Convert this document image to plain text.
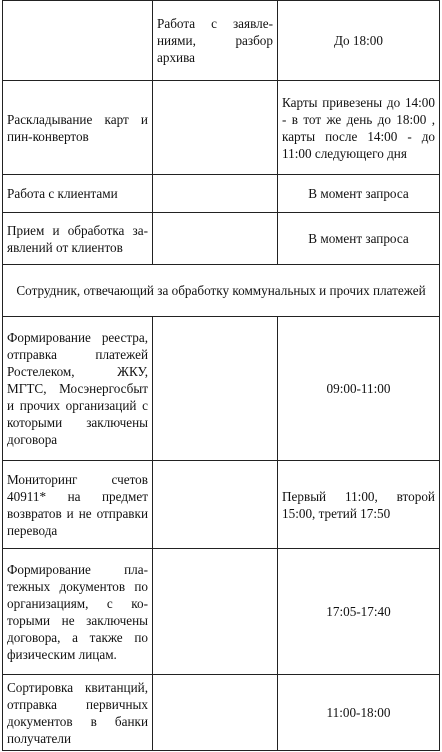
	Работа с заявлениями, разбор архива	До 18:00
Раскладывание карт и пин-конвертов		Карты привезены до 14:00 - в тот же день до 18:00 , карты после 14:00 - до 11:00 следующего дня
Работа с клиентами		В момент запроса
Прием и обработка заявлений от клиентов		В момент запроса
Сотрудник, отвечающий за обработку коммунальных и прочих платежей		
Формирование реестра, отправка платежей Ростелеком, ЖКУ, МГТС, Мосэнергосбыт и прочих организаций с которыми заключены договора		09:00-11:00
Мониторинг счетов 40911* на предмет возвратов и не отправки перевода		Первый 11:00, второй 15:00, третий 17:50
Формирование платежных документов по организациям, с которыми не заключены договора, а также по физическим лицам.		17:05-17:40
Сортировка квитанций, отправка первичных документов в банки получатели		11:00-18:00
